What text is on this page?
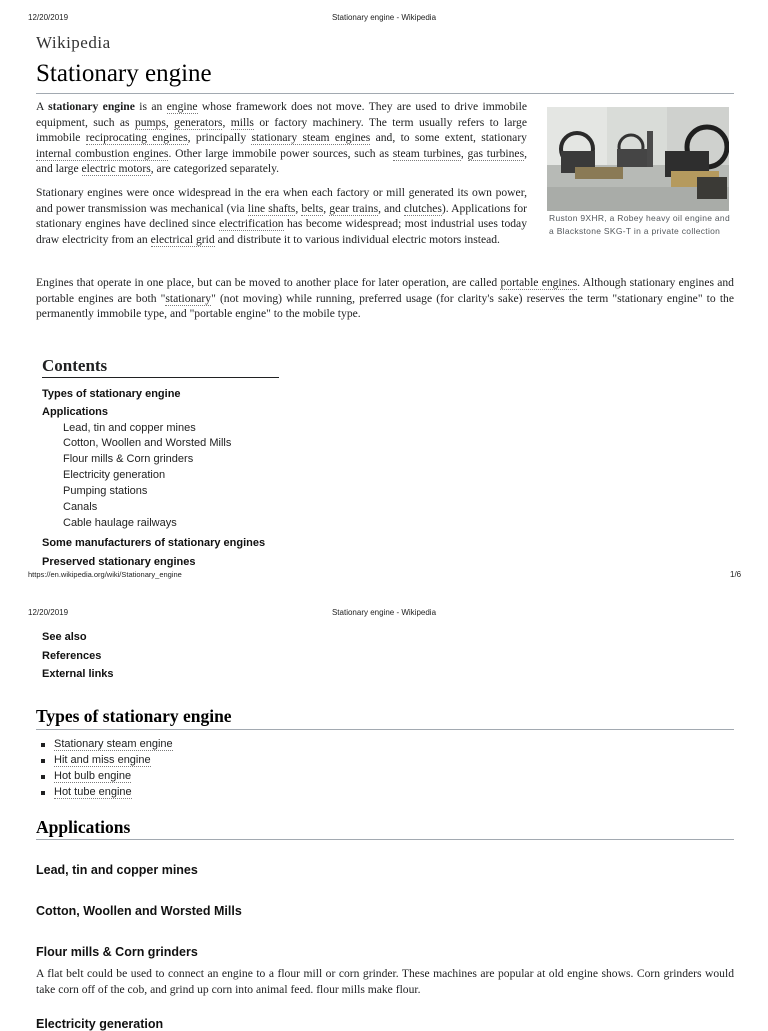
12/20/2019	Stationary engine - Wikipedia
Wikipedia
Stationary engine

A stationary engine is an engine whose framework does not move. They are used to drive immobile equipment, such as pumps, generators, mills or factory machinery. The term usually refers to large immobile reciprocating engines, principally stationary steam engines and, to some extent, stationary internal combustion engines. Other large immobile power sources, such as steam turbines, gas turbines, and large electric motors, are categorized separately.

Stationary engines were once widespread in the era when each factory or mill generated its own power, and power transmission was mechanical (via line shafts, belts, gear trains, and clutches). Applications for stationary engines have declined since electrification has become widespread; most industrial uses today draw electricity from an electrical grid and distribute it to various individual electric motors instead.

Ruston 9XHR, a Robey heavy oil engine and a Blackstone SKG-T in a private collection

Engines that operate in one place, but can be moved to another place for later operation, are called portable engines. Although stationary engines and portable engines are both "stationary" (not moving) while running, preferred usage (for clarity's sake) reserves the term "stationary engine" to the permanently immobile type, and "portable engine" to the mobile type.

Contents
Types of stationary engine
Applications
Lead, tin and copper mines
Cotton, Woollen and Worsted Mills
Flour mills & Corn grinders
Electricity generation
Pumping stations
Canals
Cable haulage railways
Some manufacturers of stationary engines
Preserved stationary engines
https://en.wikipedia.org/wiki/Stationary_engine	1/6
12/20/2019	Stationary engine - Wikipedia
See also
References
External links
Types of stationary engine
Stationary steam engine
Hit and miss engine
Hot bulb engine
Hot tube engine
Applications
Lead, tin and copper mines
Cotton, Woollen and Worsted Mills
Flour mills & Corn grinders

A flat belt could be used to connect an engine to a flour mill or corn grinder. These machines are popular at old engine shows. Corn grinders would take corn off of the cob, and grind up corn into animal feed. flour mills make flour.

Electricity generation
